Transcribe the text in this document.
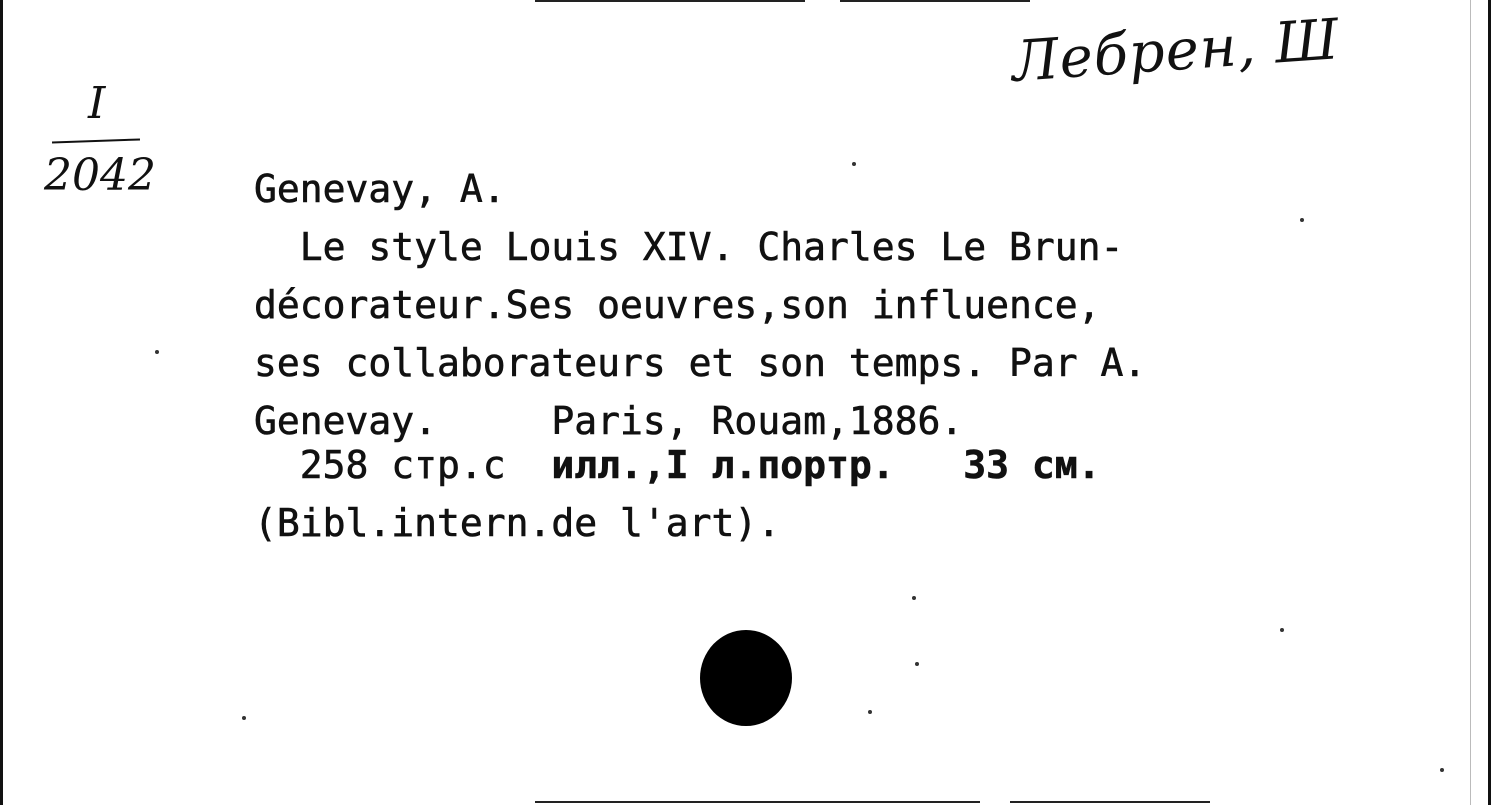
Лебрен, Ш
I
2042	Genevay, A.
Le style Louis XIV. Charles Le Brun-
décorateur.Ses oeuvres,son influence,
ses collaborateurs et son temps. Par A.
Genevay.     Paris, Rouam,1886.
258 стр.с  илл.,I л.портр.   33 см.
(Bibl.intern.de l'art).
